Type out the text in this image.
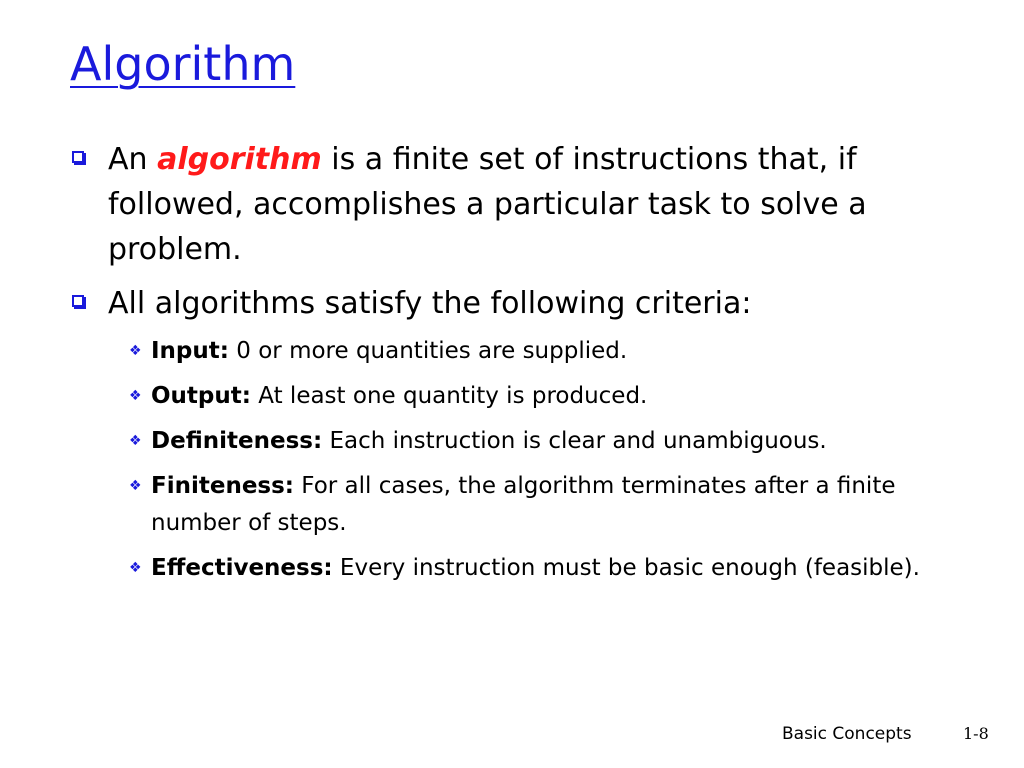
Algorithm
An algorithm is a finite set of instructions that, if followed, accomplishes a particular task to solve a problem.
All algorithms satisfy the following criteria:
❖ Input: 0 or more quantities are supplied.
❖ Output: At least one quantity is produced.
❖ Definiteness: Each instruction is clear and unambiguous.
❖ Finiteness: For all cases, the algorithm terminates after a finite number of steps.
❖ Effectiveness: Every instruction must be basic enough (feasible).
Basic Concepts	1-8
